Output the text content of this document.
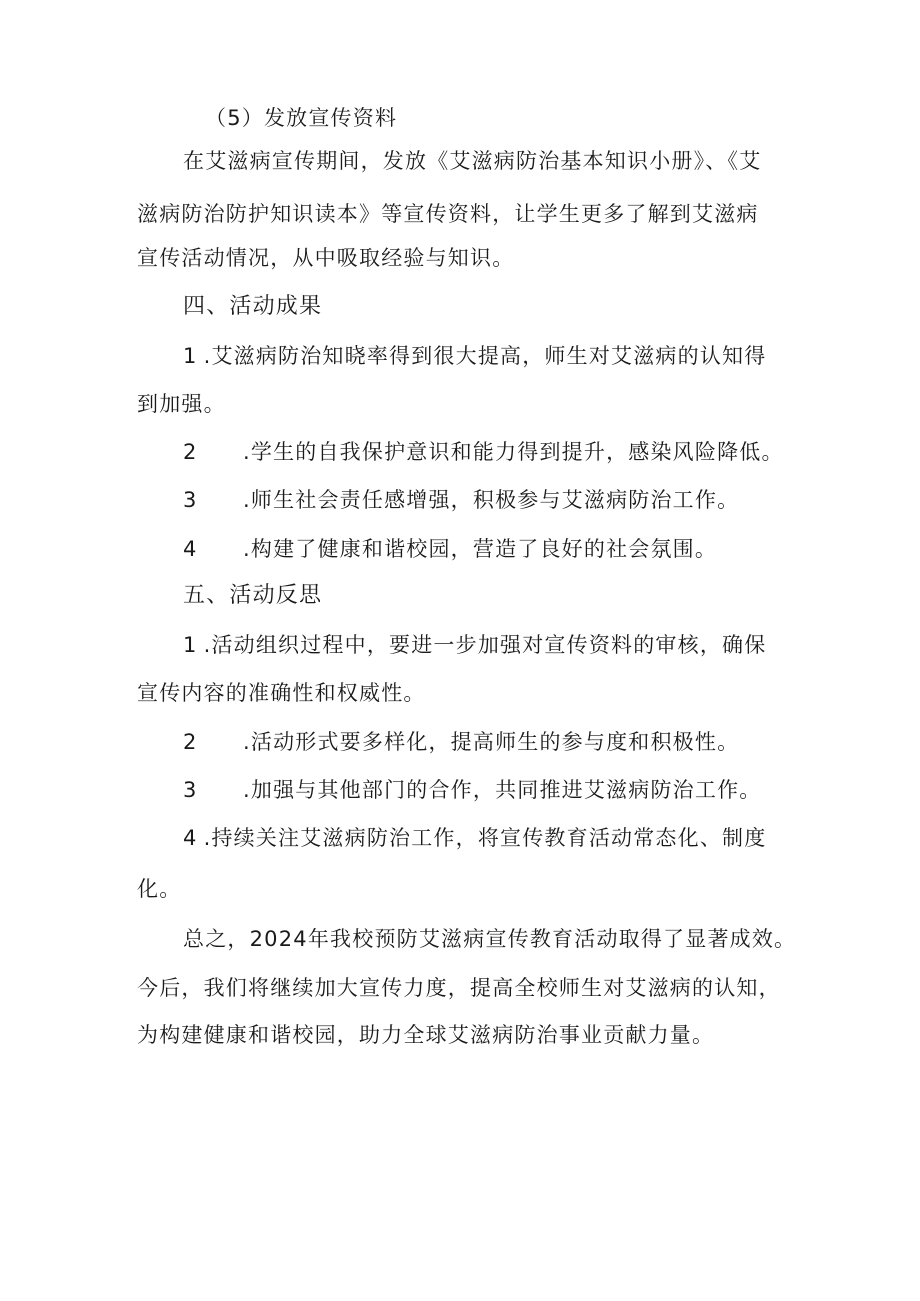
（5）发放宣传资料
在艾滋病宣传期间，发放《艾滋病防治基本知识小册》、《艾
滋病防治防护知识读本》等宣传资料，让学生更多了解到艾滋病
宣传活动情况，从中吸取经验与知识。
四、活动成果
1 .艾滋病防治知晓率得到很大提高，师生对艾滋病的认知得
到加强。
2 .学生的自我保护意识和能力得到提升，感染风险降低。
3 .师生社会责任感增强，积极参与艾滋病防治工作。
4 .构建了健康和谐校园，营造了良好的社会氛围。
五、活动反思
1 .活动组织过程中，要进一步加强对宣传资料的审核，确保
宣传内容的准确性和权威性。
2 .活动形式要多样化，提高师生的参与度和积极性。
3 .加强与其他部门的合作，共同推进艾滋病防治工作。
4 .持续关注艾滋病防治工作，将宣传教育活动常态化、制度
化。
总之，2024年我校预防艾滋病宣传教育活动取得了显著成效。
今后，我们将继续加大宣传力度，提高全校师生对艾滋病的认知，
为构建健康和谐校园，助力全球艾滋病防治事业贡献力量。
